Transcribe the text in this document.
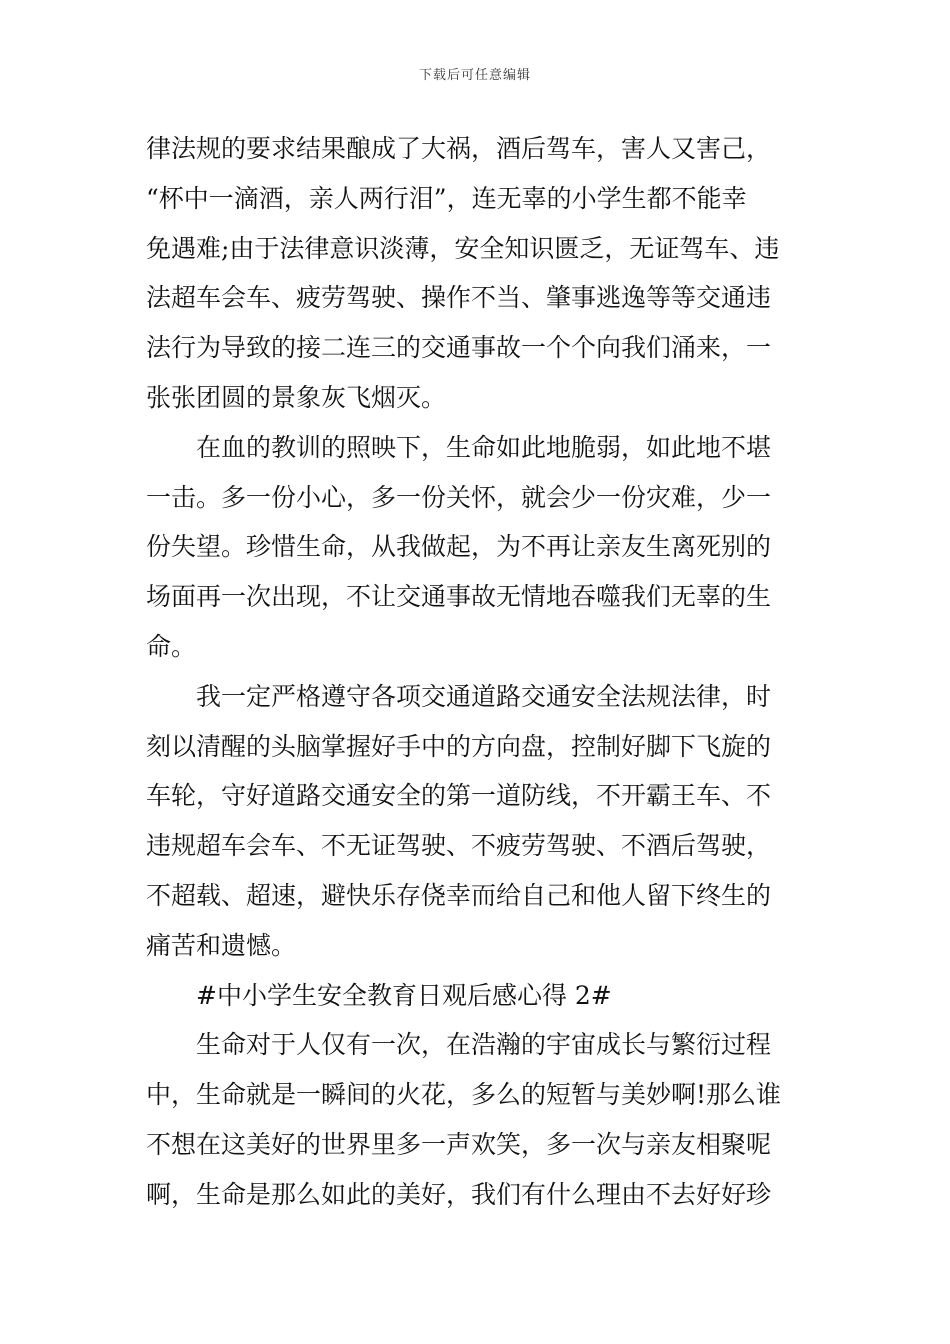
下载后可任意编辑
律法规的要求结果酿成了大祸，酒后驾车，害人又害己，
“杯中一滴酒，亲人两行泪”，连无辜的小学生都不能幸
免遇难;由于法律意识淡薄，安全知识匮乏，无证驾车、违
法超车会车、疲劳驾驶、操作不当、肇事逃逸等等交通违
法行为导致的接二连三的交通事故一个个向我们涌来，一
张张团圆的景象灰飞烟灭。
在血的教训的照映下，生命如此地脆弱，如此地不堪
一击。多一份小心，多一份关怀，就会少一份灾难，少一
份失望。珍惜生命，从我做起，为不再让亲友生离死别的
场面再一次出现，不让交通事故无情地吞噬我们无辜的生
命。
我一定严格遵守各项交通道路交通安全法规法律，时
刻以清醒的头脑掌握好手中的方向盘，控制好脚下飞旋的
车轮，守好道路交通安全的第一道防线，不开霸王车、不
违规超车会车、不无证驾驶、不疲劳驾驶、不酒后驾驶，
不超载、超速，避快乐存侥幸而给自己和他人留下终生的
痛苦和遗憾。
#中小学生安全教育日观后感心得 2#
生命对于人仅有一次，在浩瀚的宇宙成长与繁衍过程
中，生命就是一瞬间的火花，多么的短暂与美妙啊!那么谁
不想在这美好的世界里多一声欢笑，多一次与亲友相聚呢
啊，生命是那么如此的美好，我们有什么理由不去好好珍
